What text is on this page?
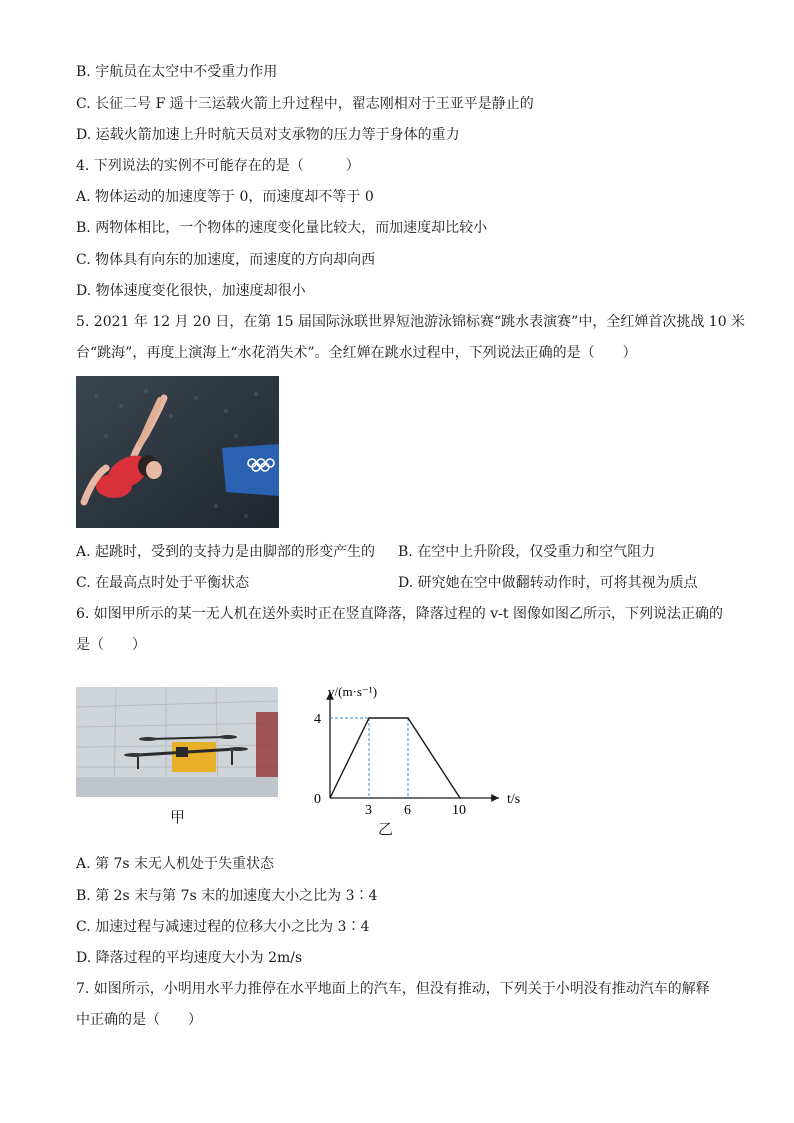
B. 宇航员在太空中不受重力作用
C. 长征二号 F 遥十三运载火箭上升过程中，翟志刚相对于王亚平是静止的
D. 运载火箭加速上升时航天员对支承物的压力等于身体的重力
4. 下列说法的实例不可能存在的是（　　　）
A. 物体运动的加速度等于 0，而速度却不等于 0
B. 两物体相比，一个物体的速度变化量比较大，而加速度却比较小
C. 物体具有向东的加速度，而速度的方向却向西
D. 物体速度变化很快，加速度却很小
5. 2021 年 12 月 20 日，在第 15 届国际泳联世界短池游泳锦标赛“跳水表演赛”中，全红婵首次挑战 10 米
台“跳海”，再度上演海上“水花消失术”。全红婵在跳水过程中，下列说法正确的是（　　）
A. 起跳时，受到的支持力是由脚部的形变产生的 B. 在空中上升阶段，仅受重力和空气阻力
C. 在最高点时处于平衡状态	D. 研究她在空中做翻转动作时，可将其视为质点
6. 如图甲所示的某一无人机在送外卖时正在竖直降落，降落过程的 v-t 图像如图乙所示，下列说法正确的
是（　　）
甲
0
4
3 6	10
v/(m·s⁻¹)
t/s
乙
A. 第 7s 末无人机处于失重状态
B. 第 2s 末与第 7s 末的加速度大小之比为 3∶4
C. 加速过程与减速过程的位移大小之比为 3∶4
D. 降落过程的平均速度大小为 2m/s
7. 如图所示，小明用水平力推停在水平地面上的汽车，但没有推动，下列关于小明没有推动汽车的解释
中正确的是（　　）
